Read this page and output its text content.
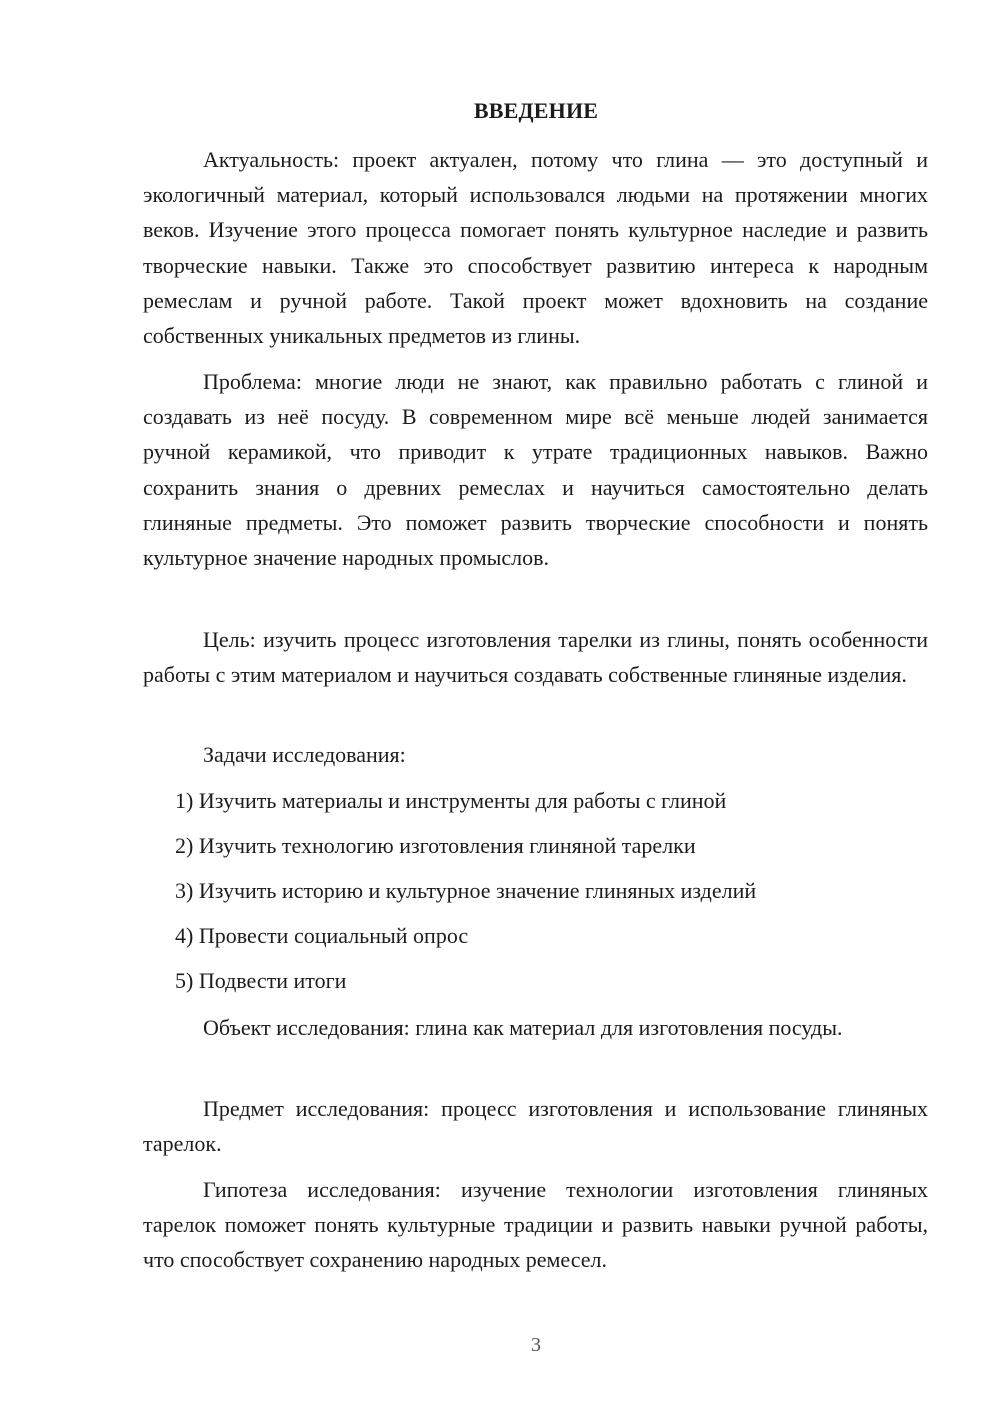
ВВЕДЕНИЕ

Актуальность: проект актуален, потому что глина — это доступный и экологичный материал, который использовался людьми на протяжении многих веков. Изучение этого процесса помогает понять культурное наследие и развить творческие навыки. Также это способствует развитию интереса к народным ремеслам и ручной работе. Такой проект может вдохновить на создание собственных уникальных предметов из глины.

Проблема: многие люди не знают, как правильно работать с глиной и создавать из неё посуду. В современном мире всё меньше людей занимается ручной керамикой, что приводит к утрате традиционных навыков. Важно сохранить знания о древних ремеслах и научиться самостоятельно делать глиняные предметы. Это поможет развить творческие способности и понять культурное значение народных промыслов.

Цель: изучить процесс изготовления тарелки из глины, понять особенности работы с этим материалом и научиться создавать собственные глиняные изделия.

Задачи исследования:

1) Изучить материалы и инструменты для работы с глиной

2) Изучить технологию изготовления глиняной тарелки

3) Изучить историю и культурное значение глиняных изделий

4) Провести социальный опрос

5) Подвести итоги

Объект исследования: глина как материал для изготовления посуды.

Предмет исследования: процесс изготовления и использование глиняных тарелок.

Гипотеза исследования: изучение технологии изготовления глиняных тарелок поможет понять культурные традиции и развить навыки ручной работы, что способствует сохранению народных ремесел.

3
